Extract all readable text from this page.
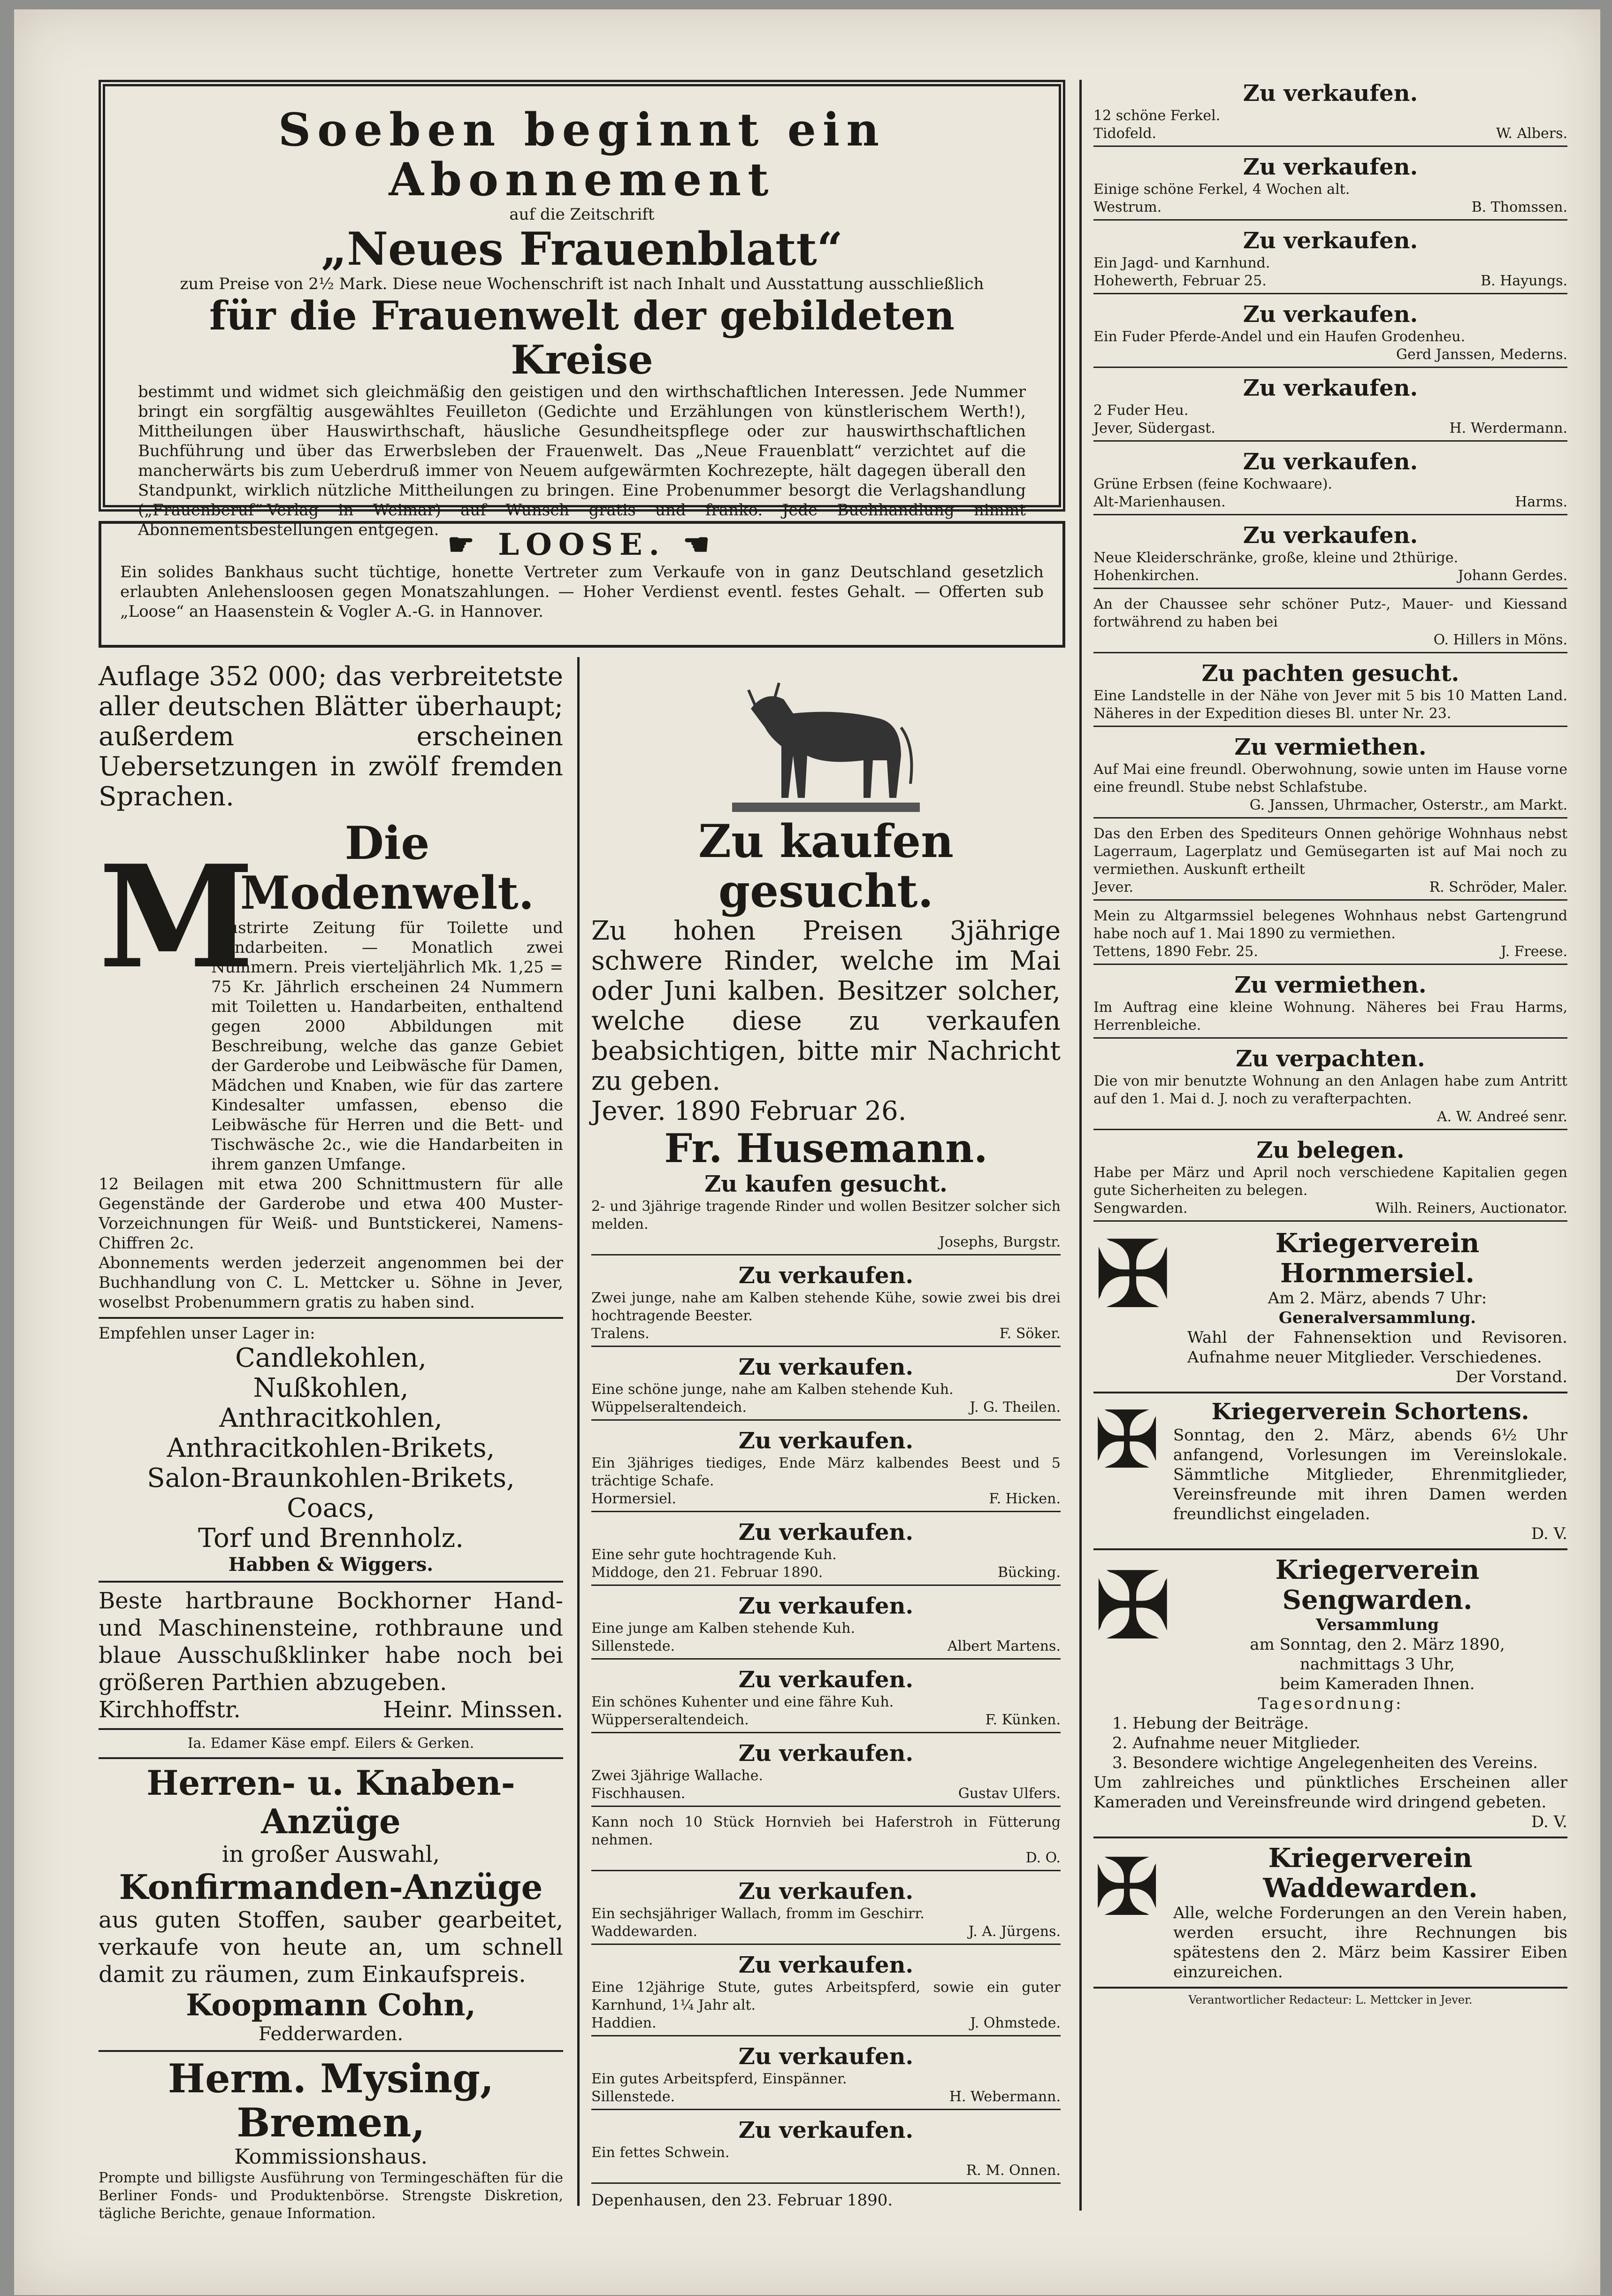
Soeben beginnt ein Abonnement
auf die Zeitschrift
„Neues Frauenblatt“
zum Preise von 2½ Mark. Diese neue Wochenschrift ist nach Inhalt und Ausstattung ausschließlich
für die Frauenwelt der gebildeten Kreise
bestimmt und widmet sich gleichmäßig den geistigen und den wirthschaftlichen Interessen. Jede Nummer bringt ein sorgfältig ausgewähltes Feuilleton (Gedichte und Erzählungen von künstlerischem Werth!), Mittheilungen über Hauswirthschaft, häusliche Gesundheitspflege oder zur hauswirthschaftlichen Buchführung und über das Erwerbsleben der Frauenwelt. Das „Neue Frauenblatt“ verzichtet auf die mancherwärts bis zum Ueberdruß immer von Neuem aufgewärmten Kochrezepte, hält dagegen überall den Standpunkt, wirklich nützliche Mittheilungen zu bringen. Eine Probenummer besorgt die Verlagshandlung („Frauenberuf“-Verlag in Weimar) auf Wunsch gratis und franko. Jede Buchhandlung nimmt Abonnementsbestellungen entgegen. ☛ LOOSE. ☚
Ein solides Bankhaus sucht tüchtige, honette Vertreter zum Verkaufe von in ganz Deutschland gesetzlich erlaubten Anlehensloosen gegen Monatszahlungen. — Hoher Verdienst eventl. festes Gehalt. — Offerten sub „Loose“ an Haasenstein & Vogler A.-G. in Hannover.
Auflage 352 000; das verbreitetste aller deutschen Blätter überhaupt; außerdem erscheinen Uebersetzungen in zwölf fremden Sprachen.
M	Die Modenwelt.
Illustrirte Zeitung für Toilette und Handarbeiten. — Monatlich zwei Nummern. Preis vierteljährlich Mk. 1,25 = 75 Kr. Jährlich erscheinen 24 Nummern mit Toiletten u. Handarbeiten, enthaltend gegen 2000 Abbildungen mit Beschreibung, welche das ganze Gebiet der Garderobe und Leibwäsche für Damen, Mädchen und Knaben, wie für das zartere Kindesalter umfassen, ebenso die Leibwäsche für Herren und die Bett- und Tischwäsche 2c., wie die Handarbeiten in ihrem ganzen Umfange.
12 Beilagen mit etwa 200 Schnittmustern für alle Gegenstände der Garderobe und etwa 400 Muster-Vorzeichnungen für Weiß- und Buntstickerei, Namens-Chiffren 2c.
Abonnements werden jederzeit angenommen bei der Buchhandlung von C. L. Mettcker u. Söhne in Jever, woselbst Probenummern gratis zu haben sind.
Empfehlen unser Lager in:
Candlekohlen,
Nußkohlen,
Anthracitkohlen,
Anthracitkohlen-Brikets,
Salon-Braunkohlen-Brikets,
Coacs,
Torf und Brennholz.
Habben & Wiggers.
Beste hartbraune Bockhorner Hand- und Maschinensteine, rothbraune und blaue Ausschußklinker habe noch bei größeren Parthien abzugeben.
Kirchhoffstr.	Heinr. Minssen.
Ia. Edamer Käse empf. Eilers & Gerken.
Herren- u. Knaben-Anzüge
in großer Auswahl,
Konfirmanden-Anzüge
aus guten Stoffen, sauber gearbeitet, verkaufe von heute an, um schnell damit zu räumen, zum Einkaufspreis.
Koopmann Cohn,
Fedderwarden.
Herm. Mysing, Bremen,
Kommissionshaus.
Prompte und billigste Ausführung von Termingeschäften für die Berliner Fonds- und Produktenbörse. Strengste Diskretion, tägliche Berichte, genaue Information.
Zu kaufen gesucht.
Zu hohen Preisen 3jährige schwere Rinder, welche im Mai oder Juni kalben. Besitzer solcher, welche diese zu verkaufen beabsichtigen, bitte mir Nachricht zu geben.
Jever. 1890 Februar 26.
Fr. Husemann.
Zu kaufen gesucht.
2- und 3jährige tragende Rinder und wollen Besitzer solcher sich melden.
Josephs, Burgstr.
Zu verkaufen.
Zwei junge, nahe am Kalben stehende Kühe, sowie zwei bis drei hochtragende Beester.
Tralens.	F. Söker.
Zu verkaufen.
Eine schöne junge, nahe am Kalben stehende Kuh.
Wüppelseraltendeich.	J. G. Theilen.
Zu verkaufen.
Ein 3jähriges tiediges, Ende März kalbendes Beest und 5 trächtige Schafe.
Hormersiel.	F. Hicken.
Zu verkaufen.
Eine sehr gute hochtragende Kuh.
Middoge, den 21. Februar 1890.	Bücking.
Zu verkaufen.
Eine junge am Kalben stehende Kuh.
Sillenstede.	Albert Martens.
Zu verkaufen.
Ein schönes Kuhenter und eine fähre Kuh.
Wüpperseraltendeich.	F. Künken.
Zu verkaufen.
Zwei 3jährige Wallache.
Fischhausen.	Gustav Ulfers.
Kann noch 10 Stück Hornvieh bei Haferstroh in Fütterung nehmen.
D. O.
Zu verkaufen.
Ein sechsjähriger Wallach, fromm im Geschirr.
Waddewarden.	J. A. Jürgens.
Zu verkaufen.
Eine 12jährige Stute, gutes Arbeitspferd, sowie ein guter Karnhund, 1¼ Jahr alt.
Haddien.	J. Ohmstede.
Zu verkaufen.
Ein gutes Arbeitspferd, Einspänner.
Sillenstede.	H. Webermann.
Zu verkaufen.
Ein fettes Schwein.
R. M. Onnen.
Depenhausen, den 23. Februar 1890.
Zu verkaufen.
12 schöne Ferkel.
Tidofeld.	W. Albers.
Zu verkaufen.
Einige schöne Ferkel, 4 Wochen alt.
Westrum.	B. Thomssen.
Zu verkaufen.
Ein Jagd- und Karnhund.
Hohewerth, Februar 25.	B. Hayungs.
Zu verkaufen.
Ein Fuder Pferde-Andel und ein Haufen Grodenheu.
Gerd Janssen, Mederns.
Zu verkaufen.
2 Fuder Heu.
Jever, Südergast.	H. Werdermann.
Zu verkaufen.
Grüne Erbsen (feine Kochwaare).
Alt-Marienhausen.	Harms.
Zu verkaufen.
Neue Kleiderschränke, große, kleine und 2thürige.
Hohenkirchen.	Johann Gerdes.
An der Chaussee sehr schöner Putz-, Mauer- und Kiessand fortwährend zu haben bei
O. Hillers in Möns.
Zu pachten gesucht.
Eine Landstelle in der Nähe von Jever mit 5 bis 10 Matten Land. Näheres in der Expedition dieses Bl. unter Nr. 23.
Zu vermiethen.
Auf Mai eine freundl. Oberwohnung, sowie unten im Hause vorne eine freundl. Stube nebst Schlafstube.
G. Janssen, Uhrmacher, Osterstr., am Markt.
Das den Erben des Spediteurs Onnen gehörige Wohnhaus nebst Lagerraum, Lagerplatz und Gemüsegarten ist auf Mai noch zu vermiethen. Auskunft ertheilt
Jever.	R. Schröder, Maler.
Mein zu Altgarmssiel belegenes Wohnhaus nebst Gartengrund habe noch auf 1. Mai 1890 zu vermiethen.
Tettens, 1890 Febr. 25.	J. Freese.
Zu vermiethen.
Im Auftrag eine kleine Wohnung. Näheres bei Frau Harms, Herrenbleiche.
Zu verpachten.
Die von mir benutzte Wohnung an den Anlagen habe zum Antritt auf den 1. Mai d. J. noch zu verafterpachten.
A. W. Andreé senr.
Zu belegen.
Habe per März und April noch verschiedene Kapitalien gegen gute Sicherheiten zu belegen.
Sengwarden.	Wilh. Reiners, Auctionator.
✠	Kriegerverein Hornmersiel.
Am 2. März, abends 7 Uhr:
Generalversammlung.
Wahl der Fahnensektion und Revisoren. Aufnahme neuer Mitglieder. Verschiedenes.
Der Vorstand.
✠	Kriegerverein Schortens.
Sonntag, den 2. März, abends 6½ Uhr anfangend, Vorlesungen im Vereinslokale. Sämmtliche Mitglieder, Ehrenmitglieder, Vereinsfreunde mit ihren Damen werden freundlichst eingeladen.
D. V.
✠	Kriegerverein Sengwarden.
Versammlung
am Sonntag, den 2. März 1890,
nachmittags 3 Uhr,
beim Kameraden Ihnen.
Tagesordnung:
1. Hebung der Beiträge.
2. Aufnahme neuer Mitglieder.
3. Besondere wichtige Angelegenheiten des Vereins.
Um zahlreiches und pünktliches Erscheinen aller Kameraden und Vereinsfreunde wird dringend gebeten.
D. V.
✠	Kriegerverein Waddewarden.
Alle, welche Forderungen an den Verein haben, werden ersucht, ihre Rechnungen bis spätestens den 2. März beim Kassirer Eiben einzureichen.
Verantwortlicher Redacteur: L. Mettcker in Jever.
